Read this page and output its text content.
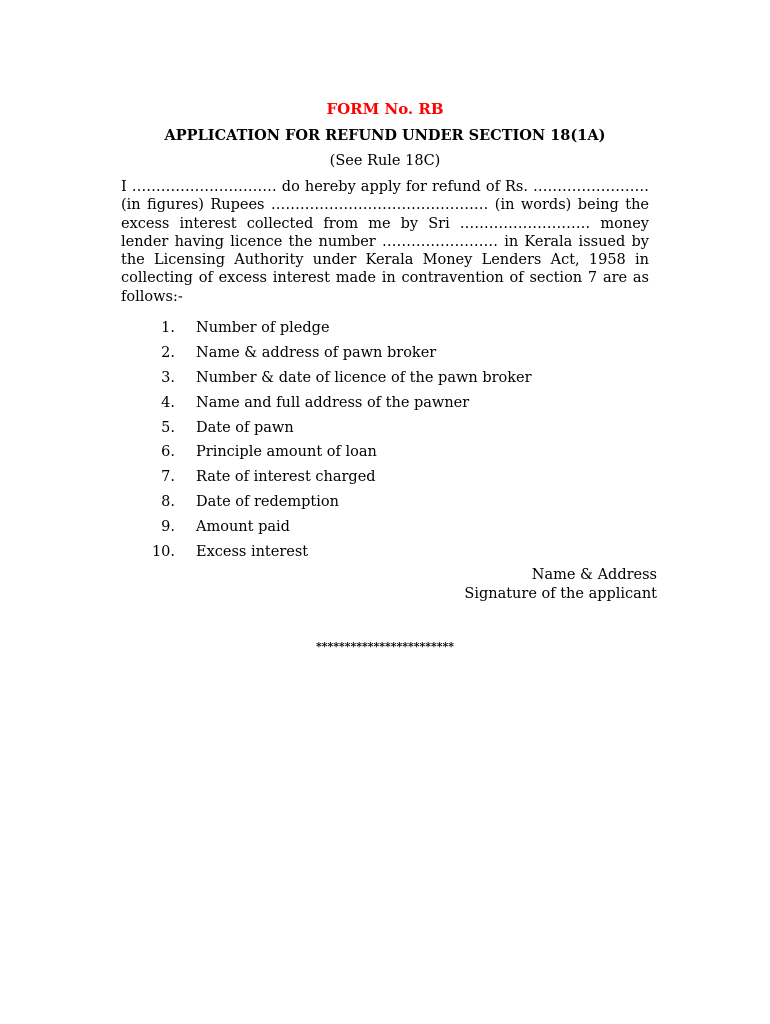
FORM No. RB
APPLICATION FOR REFUND UNDER SECTION 18(1A)
(See Rule 18C)

I ………………………… do hereby apply for refund of Rs. …………………… (in figures) Rupees ……………………………………… (in words) being the excess interest collected from me by Sri ……………………… money lender having licence the number …………………… in Kerala issued by the Licensing Authority under Kerala Money Lenders Act, 1958 in collecting of excess interest made in contravention of section 7 are as follows:-

1. Number of pledge
2. Name & address of pawn broker
3. Number & date of licence of the pawn broker
4. Name and full address of the pawner
5. Date of pawn
6. Principle amount of loan
7. Rate of interest charged
8. Date of redemption
9. Amount paid
10. Excess interest
Name & Address
Signature of the applicant
************************
